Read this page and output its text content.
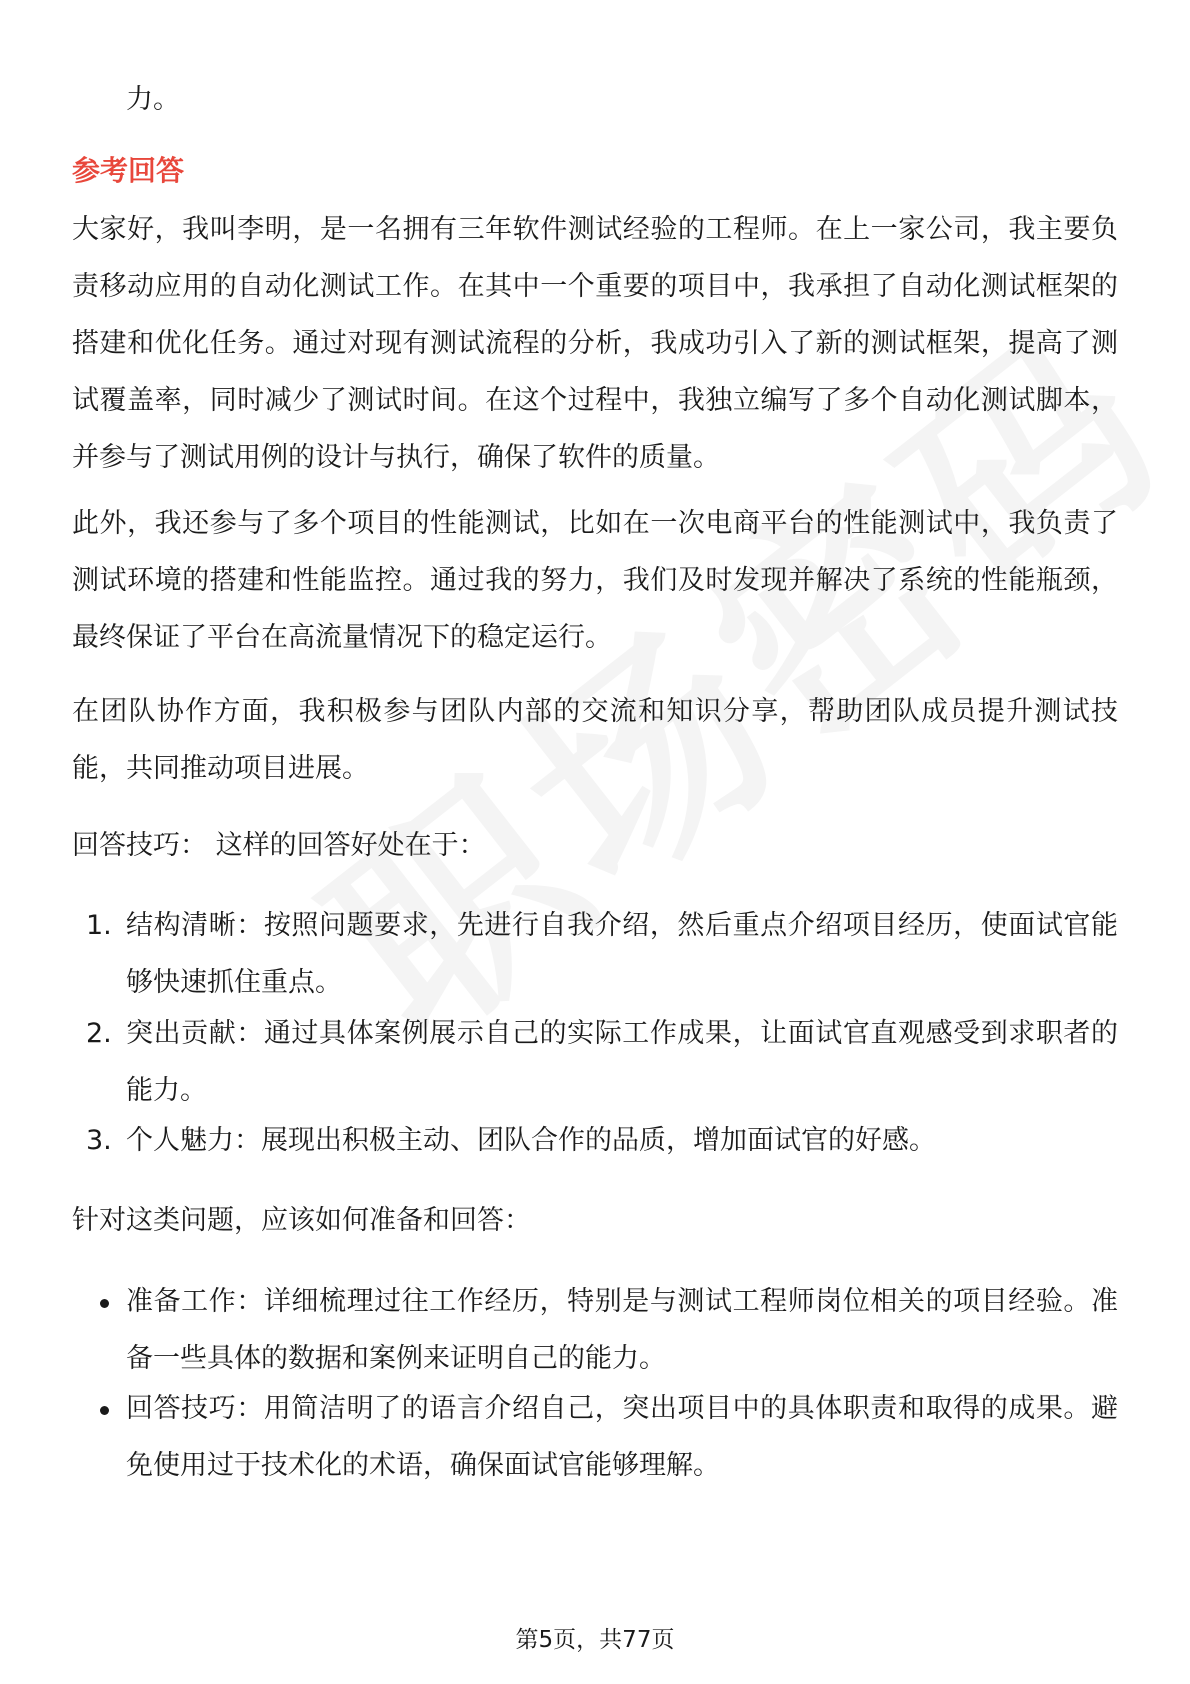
力。
参考回答

大家好，我叫李明，是一名拥有三年软件测试经验的工程师。在上一家公司，我主要负责移动应用的自动化测试工作。在其中一个重要的项目中，我承担了自动化测试框架的搭建和优化任务。通过对现有测试流程的分析，我成功引入了新的测试框架，提高了测试覆盖率，同时减少了测试时间。在这个过程中，我独立编写了多个自动化测试脚本，并参与了测试用例的设计与执行，确保了软件的质量。

此外，我还参与了多个项目的性能测试，比如在一次电商平台的性能测试中，我负责了测试环境的搭建和性能监控。通过我的努力，我们及时发现并解决了系统的性能瓶颈，最终保证了平台在高流量情况下的稳定运行。

在团队协作方面，我积极参与团队内部的交流和知识分享，帮助团队成员提升测试技能，共同推动项目进展。

回答技巧： 这样的回答好处在于：

1. 结构清晰：按照问题要求，先进行自我介绍，然后重点介绍项目经历，使面试官能够快速抓住重点。
2. 突出贡献：通过具体案例展示自己的实际工作成果，让面试官直观感受到求职者的能力。
3. 个人魅力：展现出积极主动、团队合作的品质，增加面试官的好感。

针对这类问题，应该如何准备和回答：

准备工作：详细梳理过往工作经历，特别是与测试工程师岗位相关的项目经验。准备一些具体的数据和案例来证明自己的能力。
回答技巧：用简洁明了的语言介绍自己，突出项目中的具体职责和取得的成果。避免使用过于技术化的术语，确保面试官能够理解。
第5页，共77页
